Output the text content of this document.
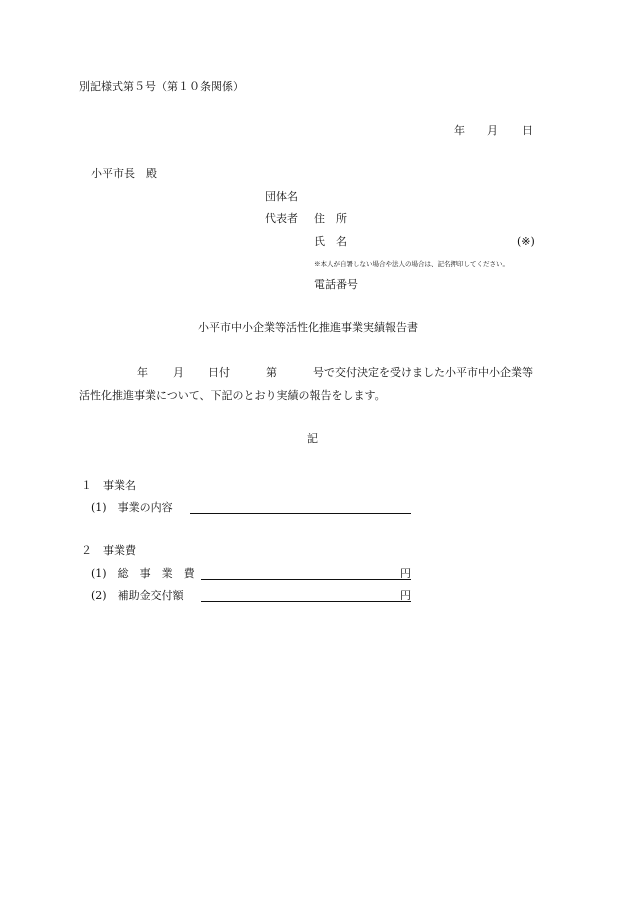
別記様式第５号（第１０条関係）
年 月 日
小平市長　殿
団体名
代表者 住　所
氏　名	(※)
※本人が自署しない場合や法人の場合は、記名押印してください。
電話番号
小平市中小企業等活性化推進事業実績報告書
年 月 日付	第	号で交付決定を受けました小平市中小企業等
活性化推進事業について、下記のとおり実績の報告をします。
記
１　事業名
(1)　事業の内容
２　事業費
(1)　総　事　業　費	円
(2)　補助金交付額	円
